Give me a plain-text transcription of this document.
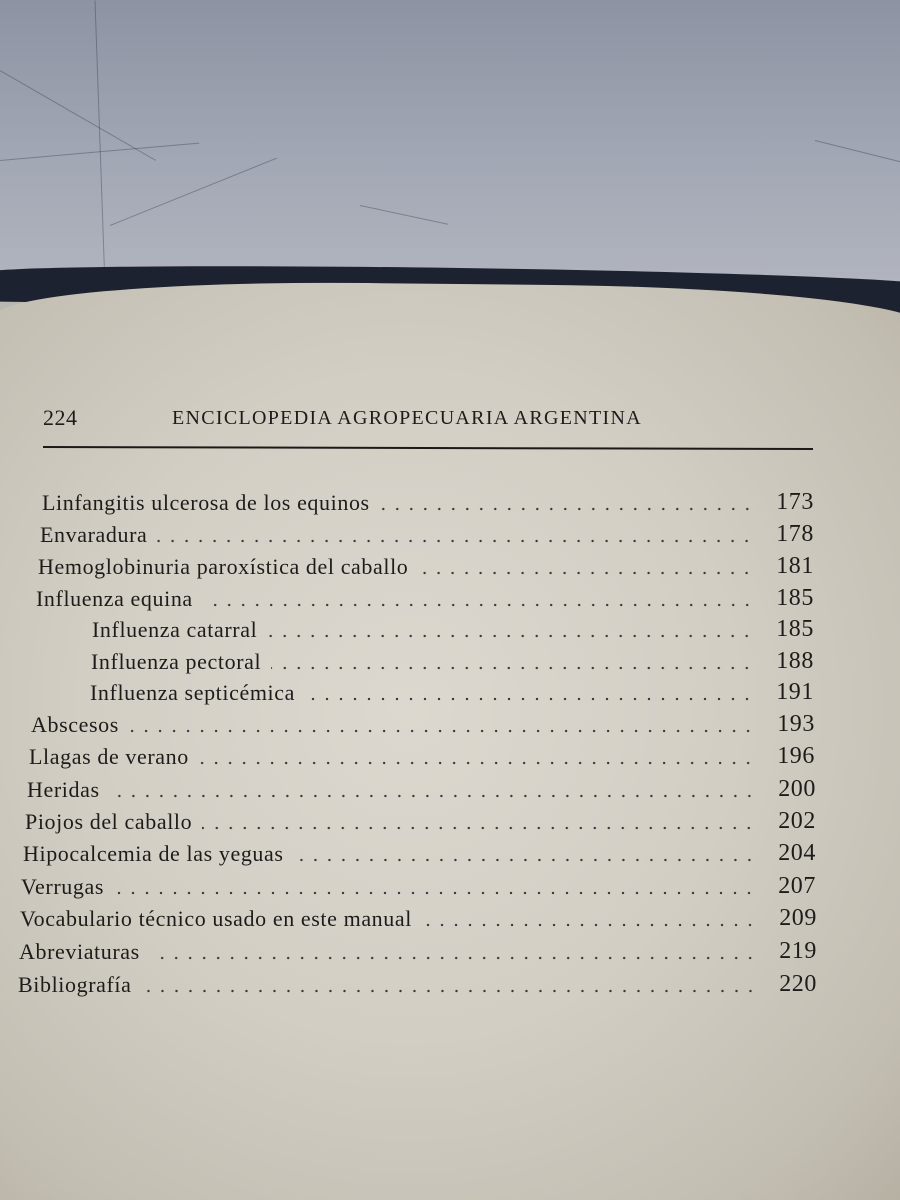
224	ENCICLOPEDIA AGROPECUARIA ARGENTINA
Linfangitis ulcerosa de los equinos	173
Envaradura	178
Hemoglobinuria paroxística del caballo	181
Influenza equina	185
Influenza catarral	185
Influenza pectoral	188
Influenza septicémica	191
Abscesos	193
Llagas de verano	196
Heridas	200
Piojos del caballo	202
Hipocalcemia de las yeguas	204
Verrugas	207
Vocabulario técnico usado en este manual	209
Abreviaturas	219
Bibliografía	220
